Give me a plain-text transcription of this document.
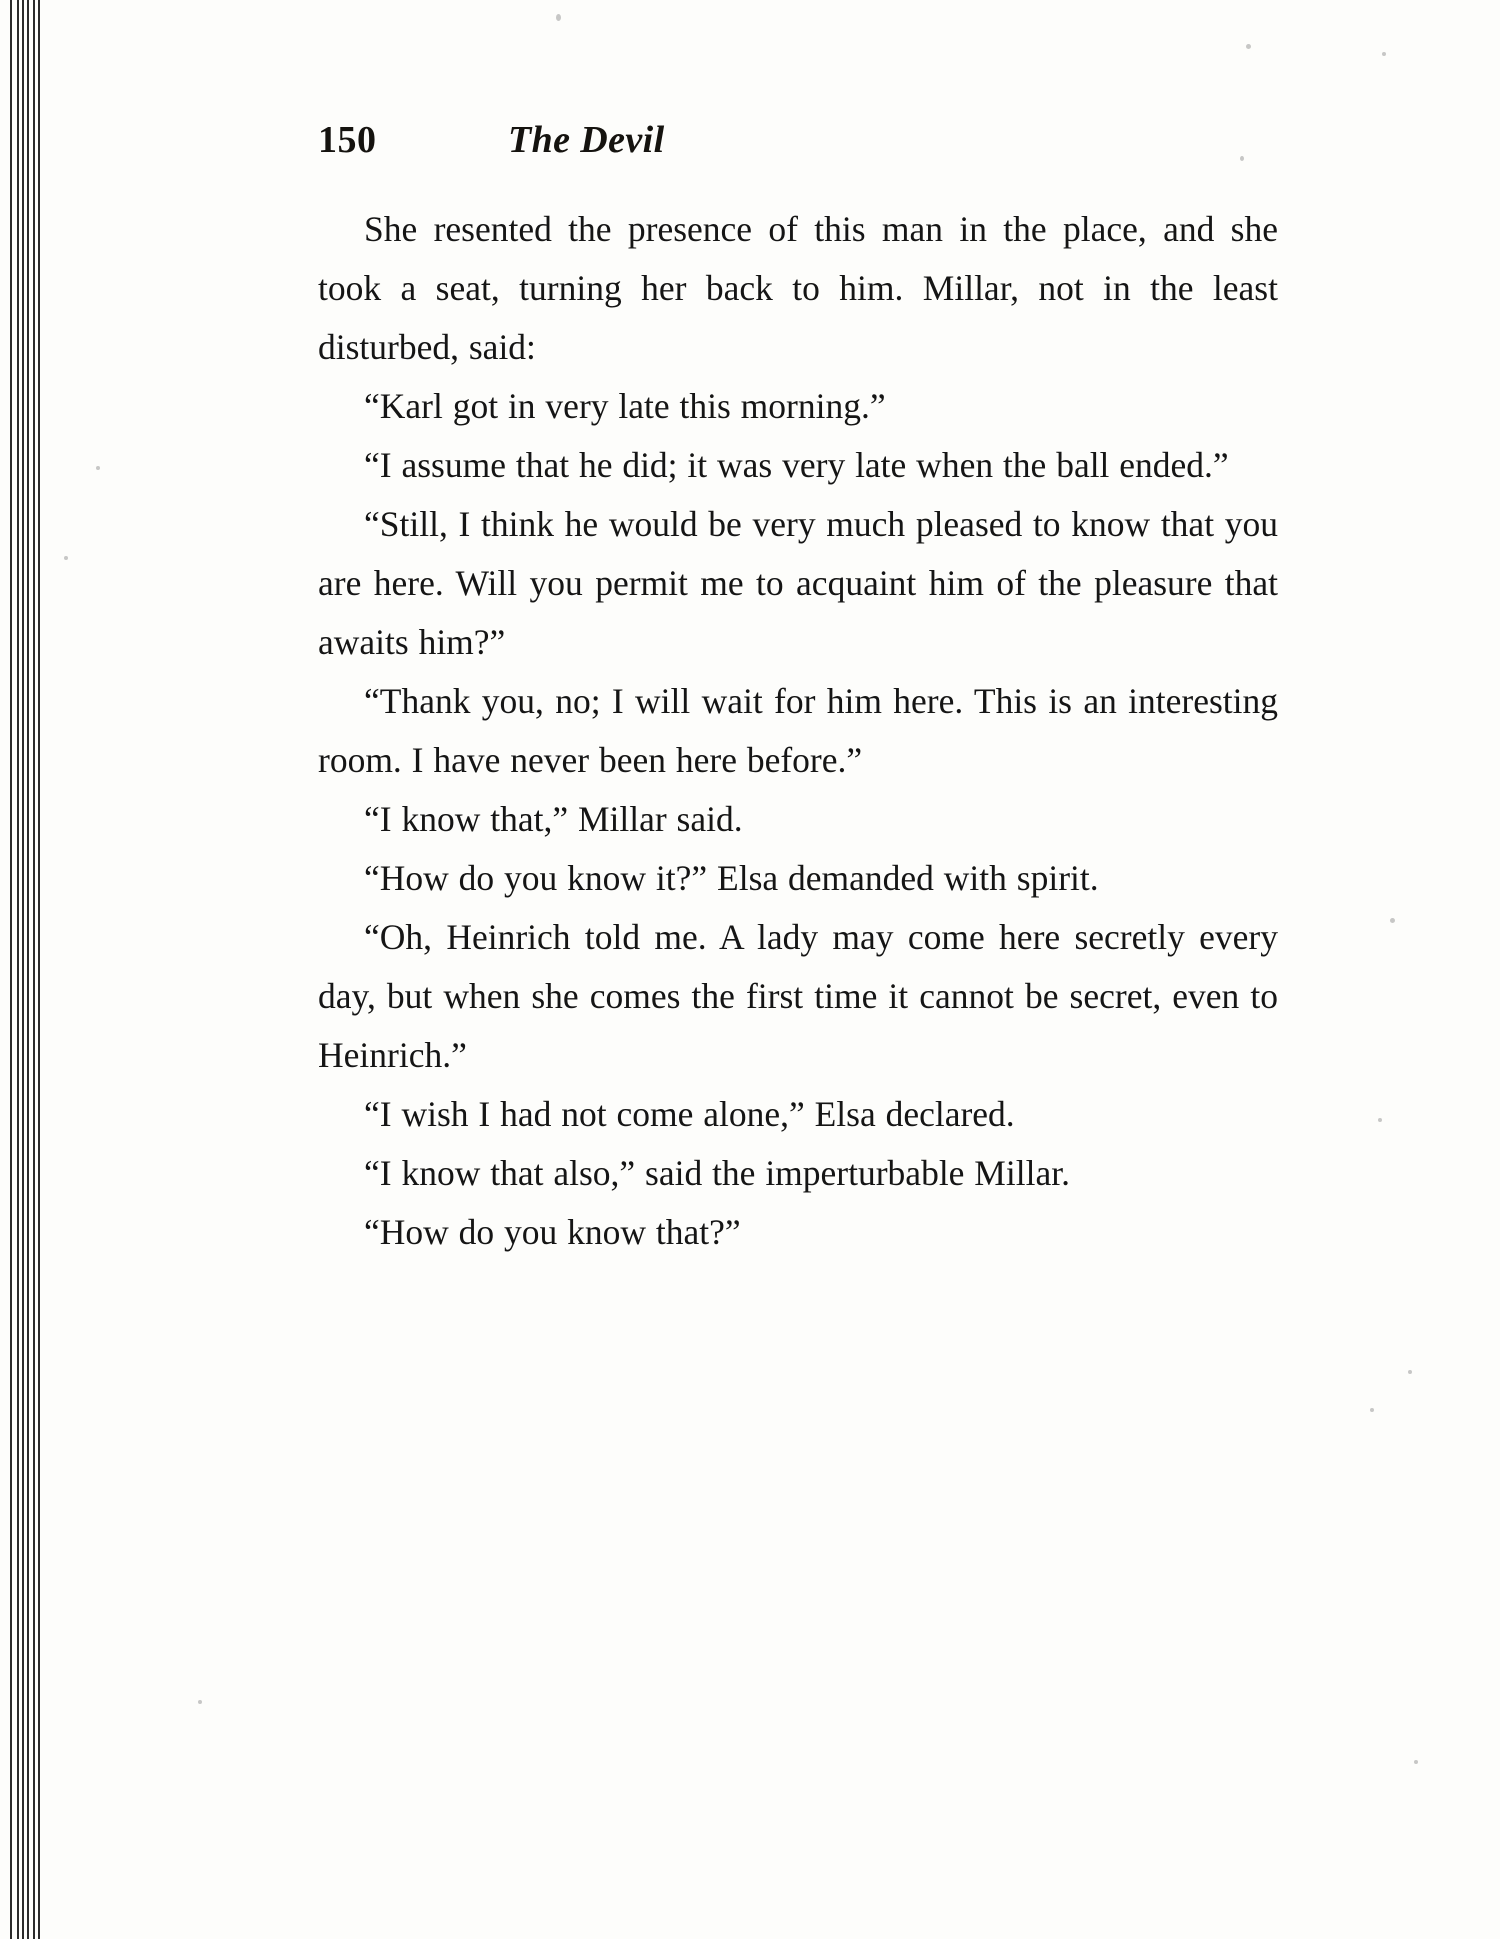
150	The Devil

She resented the presence of this man in the place, and she took a seat, turning her back to him. Millar, not in the least disturbed, said:

“Karl got in very late this morning.”

“I assume that he did; it was very late when the ball ended.”

“Still, I think he would be very much pleased to know that you are here. Will you permit me to acquaint him of the pleasure that awaits him?”

“Thank you, no; I will wait for him here. This is an interesting room. I have never been here before.”

“I know that,” Millar said.

“How do you know it?” Elsa demanded with spirit.

“Oh, Heinrich told me. A lady may come here secretly every day, but when she comes the first time it cannot be secret, even to Heinrich.”

“I wish I had not come alone,” Elsa declared.

“I know that also,” said the imperturbable Millar.

“How do you know that?”
